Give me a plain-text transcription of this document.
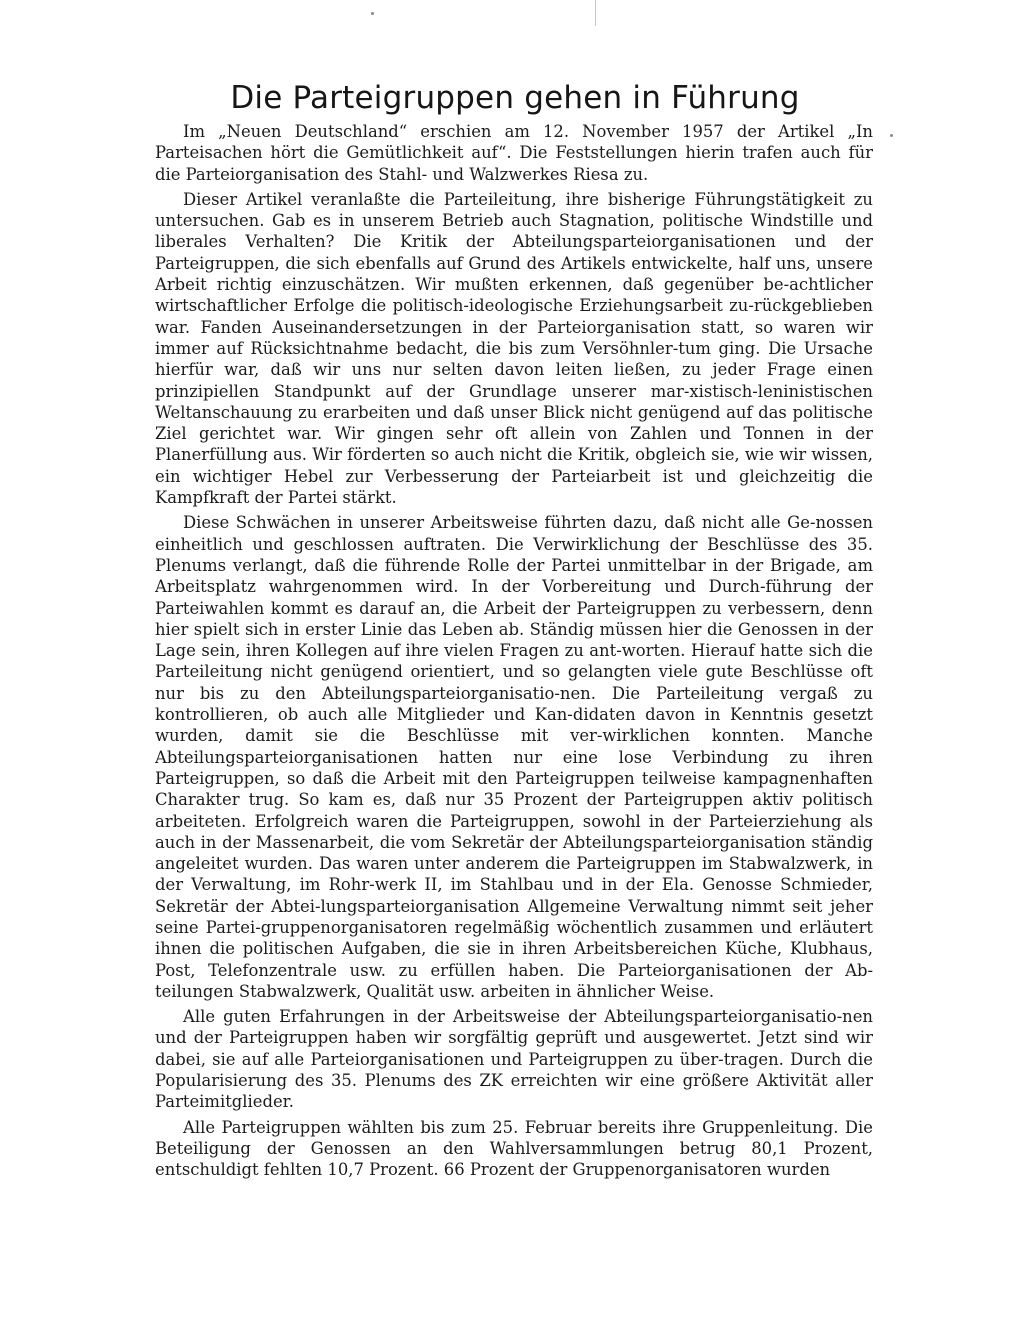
Die Parteigruppen gehen in Führung

Im „Neuen Deutschland“ erschien am 12. November 1957 der Artikel „In Parteisachen hört die Gemütlichkeit auf“. Die Feststellungen hierin trafen auch für die Parteiorganisation des Stahl- und Walzwerkes Riesa zu.

Dieser Artikel veranlaßte die Parteileitung, ihre bisherige Führungstätigkeit zu untersuchen. Gab es in unserem Betrieb auch Stagnation, politische Windstille und liberales Verhalten? Die Kritik der Abteilungsparteiorganisationen und der Parteigruppen, die sich ebenfalls auf Grund des Artikels entwickelte, half uns, unsere Arbeit richtig einzuschätzen. Wir mußten erkennen, daß gegenüber be-achtlicher wirtschaftlicher Erfolge die politisch-ideologische Erziehungsarbeit zu-rückgeblieben war. Fanden Auseinandersetzungen in der Parteiorganisation statt, so waren wir immer auf Rücksichtnahme bedacht, die bis zum Versöhnler-tum ging. Die Ursache hierfür war, daß wir uns nur selten davon leiten ließen, zu jeder Frage einen prinzipiellen Standpunkt auf der Grundlage unserer mar-xistisch-leninistischen Weltanschauung zu erarbeiten und daß unser Blick nicht genügend auf das politische Ziel gerichtet war. Wir gingen sehr oft allein von Zahlen und Tonnen in der Planerfüllung aus. Wir förderten so auch nicht die Kritik, obgleich sie, wie wir wissen, ein wichtiger Hebel zur Verbesserung der Parteiarbeit ist und gleichzeitig die Kampfkraft der Partei stärkt.

Diese Schwächen in unserer Arbeitsweise führten dazu, daß nicht alle Ge-nossen einheitlich und geschlossen auftraten. Die Verwirklichung der Beschlüsse des 35. Plenums verlangt, daß die führende Rolle der Partei unmittelbar in der Brigade, am Arbeitsplatz wahrgenommen wird. In der Vorbereitung und Durch-führung der Parteiwahlen kommt es darauf an, die Arbeit der Parteigruppen zu verbessern, denn hier spielt sich in erster Linie das Leben ab. Ständig müssen hier die Genossen in der Lage sein, ihren Kollegen auf ihre vielen Fragen zu ant-worten. Hierauf hatte sich die Parteileitung nicht genügend orientiert, und so gelangten viele gute Beschlüsse oft nur bis zu den Abteilungsparteiorganisatio-nen. Die Parteileitung vergaß zu kontrollieren, ob auch alle Mitglieder und Kan-didaten davon in Kenntnis gesetzt wurden, damit sie die Beschlüsse mit ver-wirklichen konnten. Manche Abteilungsparteiorganisationen hatten nur eine lose Verbindung zu ihren Parteigruppen, so daß die Arbeit mit den Parteigruppen teilweise kampagnenhaften Charakter trug. So kam es, daß nur 35 Prozent der Parteigruppen aktiv politisch arbeiteten. Erfolgreich waren die Parteigruppen, sowohl in der Parteierziehung als auch in der Massenarbeit, die vom Sekretär der Abteilungsparteiorganisation ständig angeleitet wurden. Das waren unter anderem die Parteigruppen im Stabwalzwerk, in der Verwaltung, im Rohr-werk II, im Stahlbau und in der Ela. Genosse Schmieder, Sekretär der Abtei-lungsparteiorganisation Allgemeine Verwaltung nimmt seit jeher seine Partei-gruppenorganisatoren regelmäßig wöchentlich zusammen und erläutert ihnen die politischen Aufgaben, die sie in ihren Arbeitsbereichen Küche, Klubhaus, Post, Telefonzentrale usw. zu erfüllen haben. Die Parteiorganisationen der Ab-teilungen Stabwalzwerk, Qualität usw. arbeiten in ähnlicher Weise.

Alle guten Erfahrungen in der Arbeitsweise der Abteilungsparteiorganisatio-nen und der Parteigruppen haben wir sorgfältig geprüft und ausgewertet. Jetzt sind wir dabei, sie auf alle Parteiorganisationen und Parteigruppen zu über-tragen. Durch die Popularisierung des 35. Plenums des ZK erreichten wir eine größere Aktivität aller Parteimitglieder.

Alle Parteigruppen wählten bis zum 25. Februar bereits ihre Gruppenleitung. Die Beteiligung der Genossen an den Wahlversammlungen betrug 80,1 Prozent, entschuldigt fehlten 10,7 Prozent. 66 Prozent der Gruppenorganisatoren wurden
